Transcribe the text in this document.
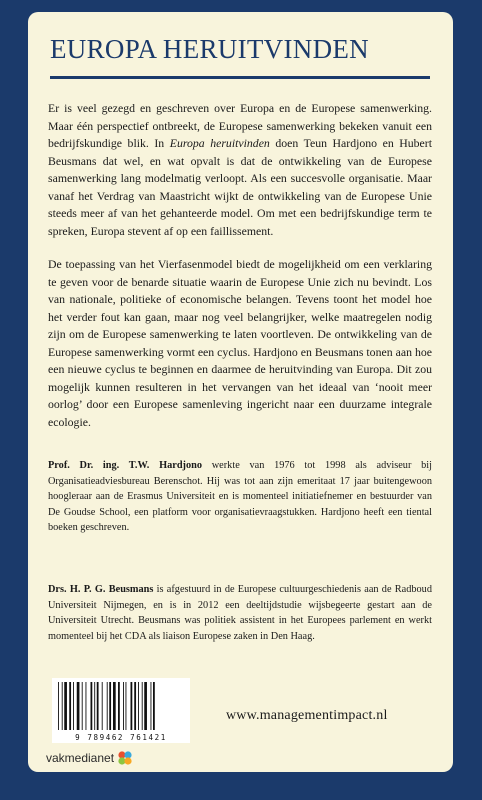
EUROPA HERUITVINDEN

Er is veel gezegd en geschreven over Europa en de Europese samenwerking. Maar één perspectief ontbreekt, de Europese samenwerking bekeken vanuit een bedrijfskundige blik. In Europa heruitvinden doen Teun Hardjono en Hubert Beusmans dat wel, en wat opvalt is dat de ontwikkeling van de Europese samenwerking lang modelmatig verloopt. Als een succesvolle organisatie. Maar vanaf het Verdrag van Maastricht wijkt de ontwikkeling van de Europese Unie steeds meer af van het gehanteerde model. Om met een bedrijfskundige term te spreken, Europa stevent af op een faillissement.

De toepassing van het Vierfasenmodel biedt de mogelijkheid om een verklaring te geven voor de benarde situatie waarin de Europese Unie zich nu bevindt. Los van nationale, politieke of economische belangen. Tevens toont het model hoe het verder fout kan gaan, maar nog veel belangrijker, welke maatregelen nodig zijn om de Europese samenwerking te laten voortleven. De ontwikkeling van de Europese samenwerking vormt een cyclus. Hardjono en Beusmans tonen aan hoe een nieuwe cyclus te beginnen en daarmee de heruitvinding van Europa. Dit zou mogelijk kunnen resulteren in het vervangen van het ideaal van ‘nooit meer oorlog’ door een Europese samenleving ingericht naar een duurzame integrale ecologie.

Prof. Dr. ing. T.W. Hardjono werkte van 1976 tot 1998 als adviseur bij Organisatieadviesbureau Berenschot. Hij was tot aan zijn emeritaat 17 jaar buitengewoon hoogleraar aan de Erasmus Universiteit en is momenteel initiatiefnemer en bestuurder van De Goudse School, een platform voor organisatievraagstukken. Hardjono heeft een tiental boeken geschreven.
Drs. H. P. G. Beusmans is afgestuurd in de Europese cultuurgeschiedenis aan de Radboud Universiteit Nijmegen, en is in 2012 een deeltijdstudie wijsbegeerte gestart aan de Universiteit Utrecht. Beusmans was politiek assistent in het Europees parlement en werkt momenteel bij het CDA als liaison Europese zaken in Den Haag.
9 789462 761421
www.managementimpact.nl
vakmedianet
